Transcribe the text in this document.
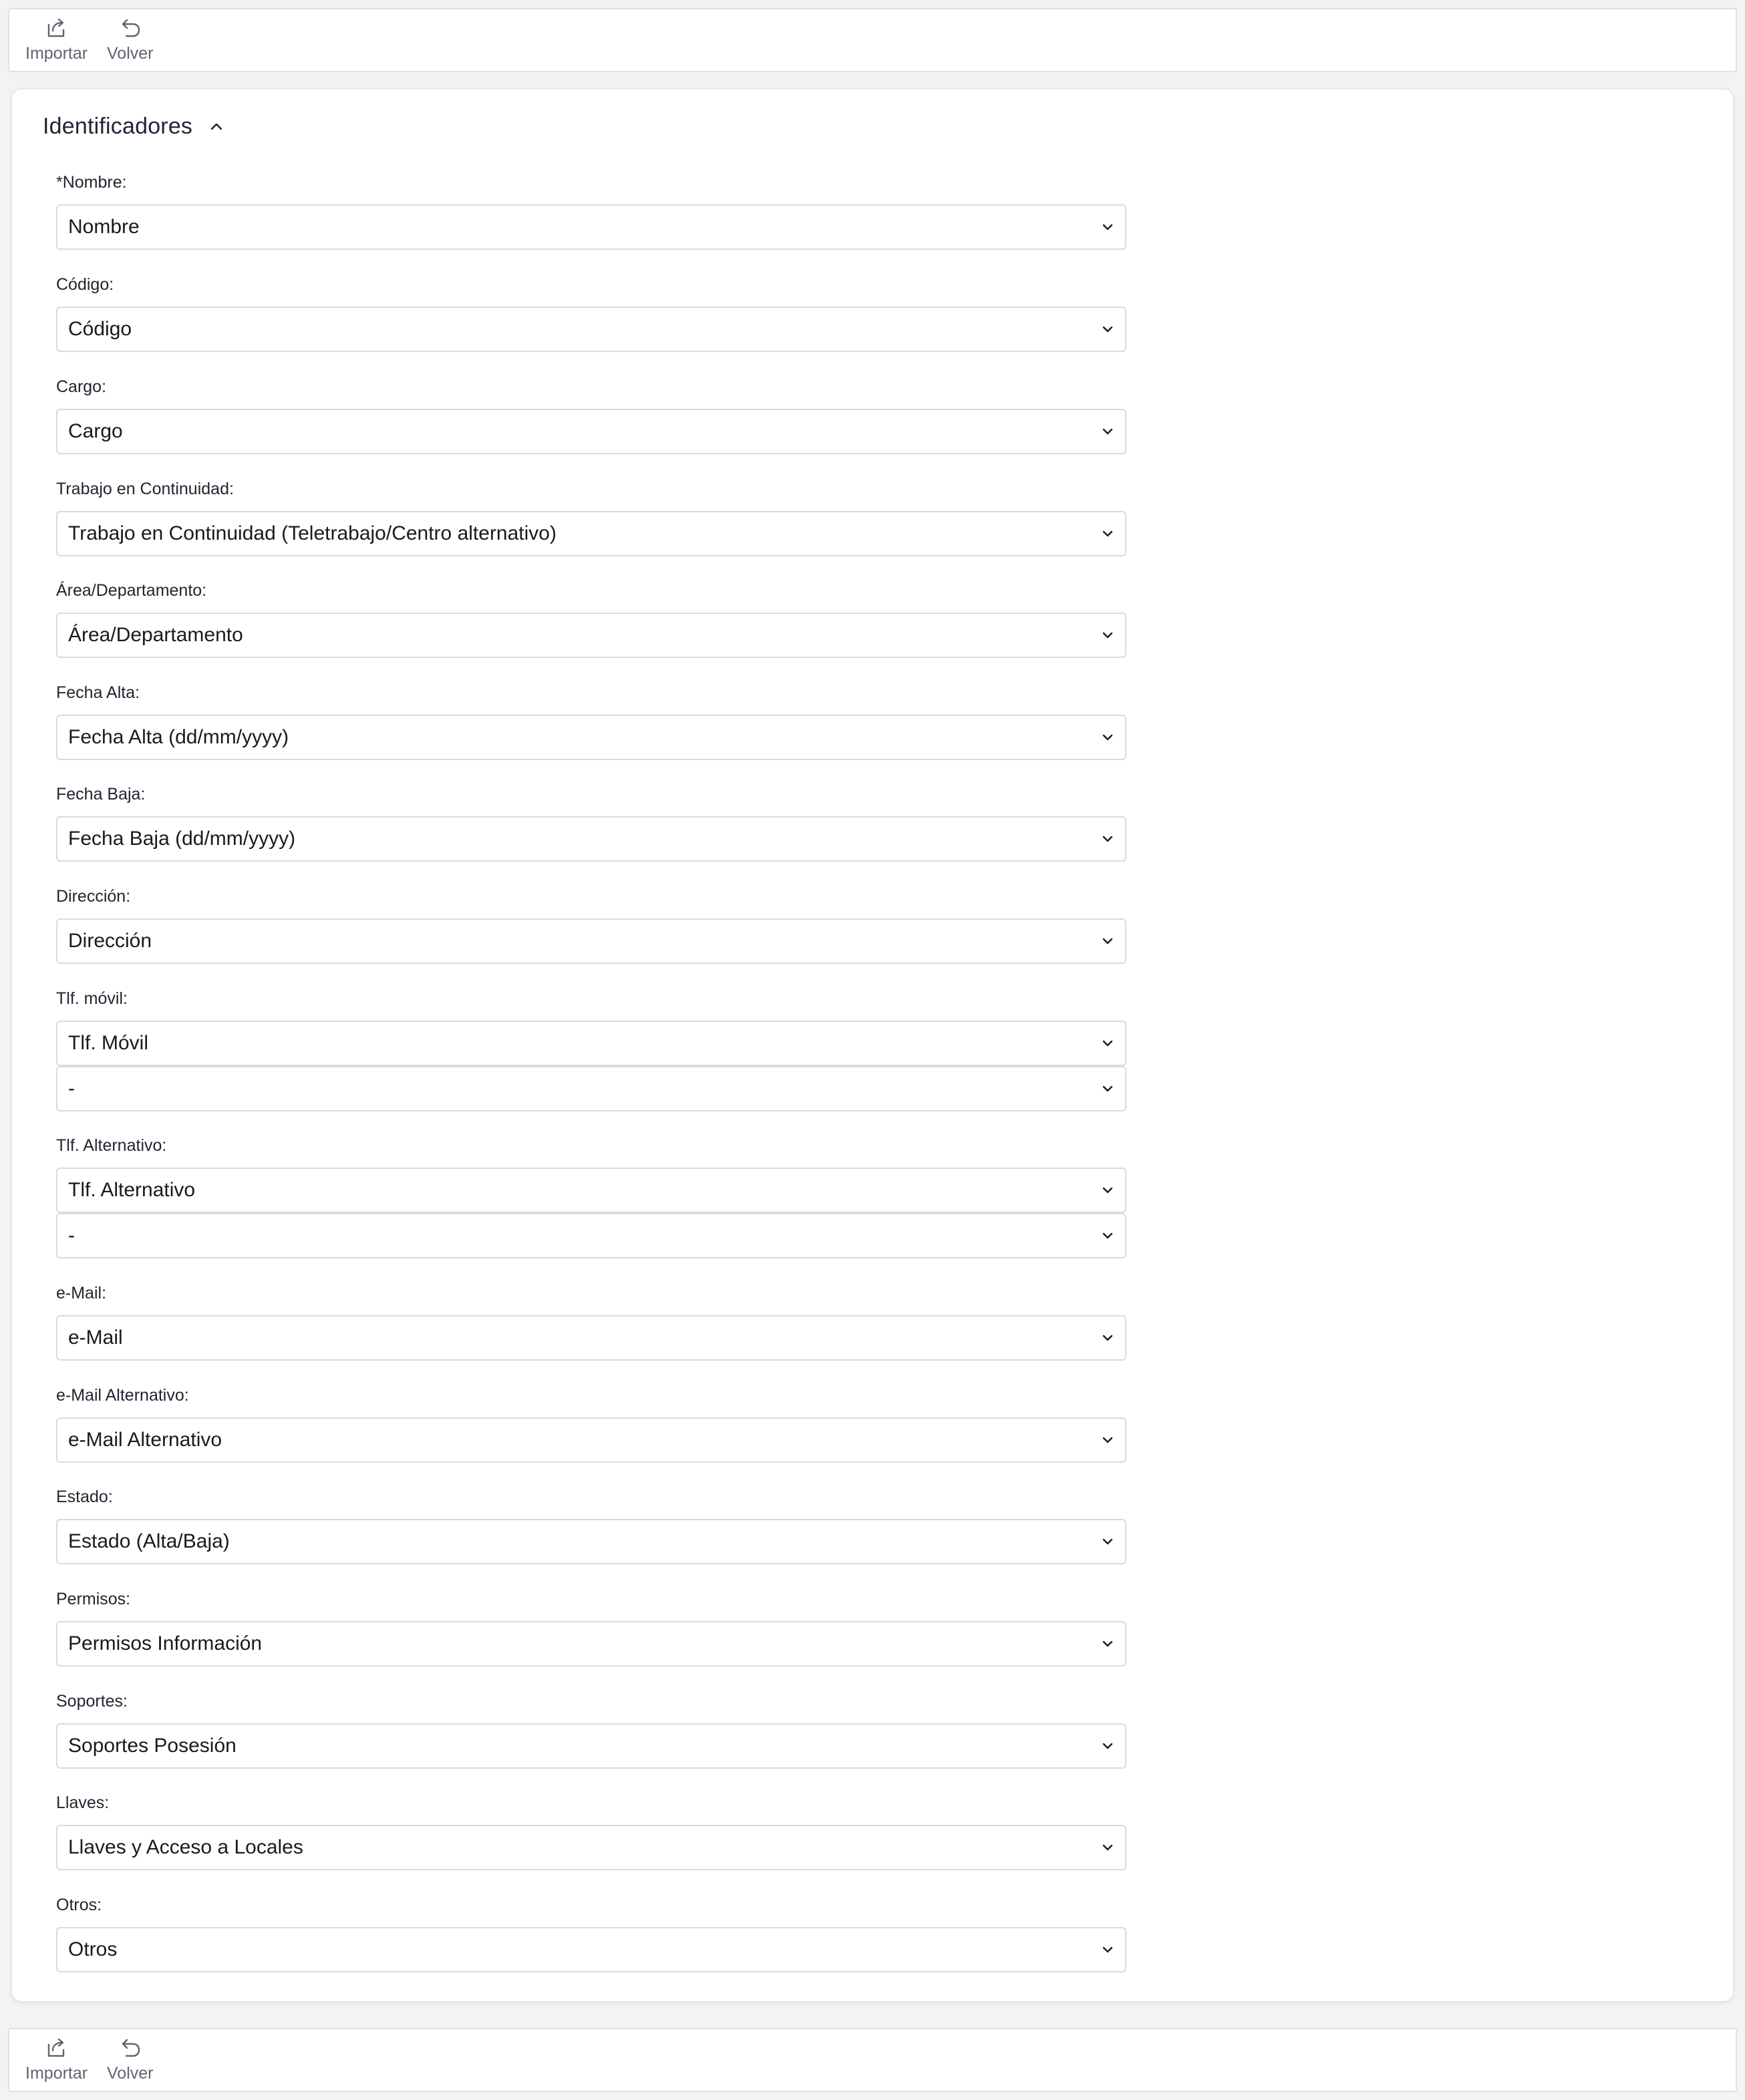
Importar Volver
Identificadores
*Nombre:
Nombre
Código:
Código
Cargo:
Cargo
Trabajo en Continuidad:
Trabajo en Continuidad (Teletrabajo/Centro alternativo)
Área/Departamento:
Área/Departamento
Fecha Alta:
Fecha Alta (dd/mm/yyyy)
Fecha Baja:
Fecha Baja (dd/mm/yyyy)
Dirección:
Dirección
Tlf. móvil:
Tlf. Móvil
-
Tlf. Alternativo:
Tlf. Alternativo
-
e-Mail:
e-Mail
e-Mail Alternativo:
e-Mail Alternativo
Estado:
Estado (Alta/Baja)
Permisos:
Permisos Información
Soportes:
Soportes Posesión
Llaves:
Llaves y Acceso a Locales
Otros:
Otros
Importar Volver
